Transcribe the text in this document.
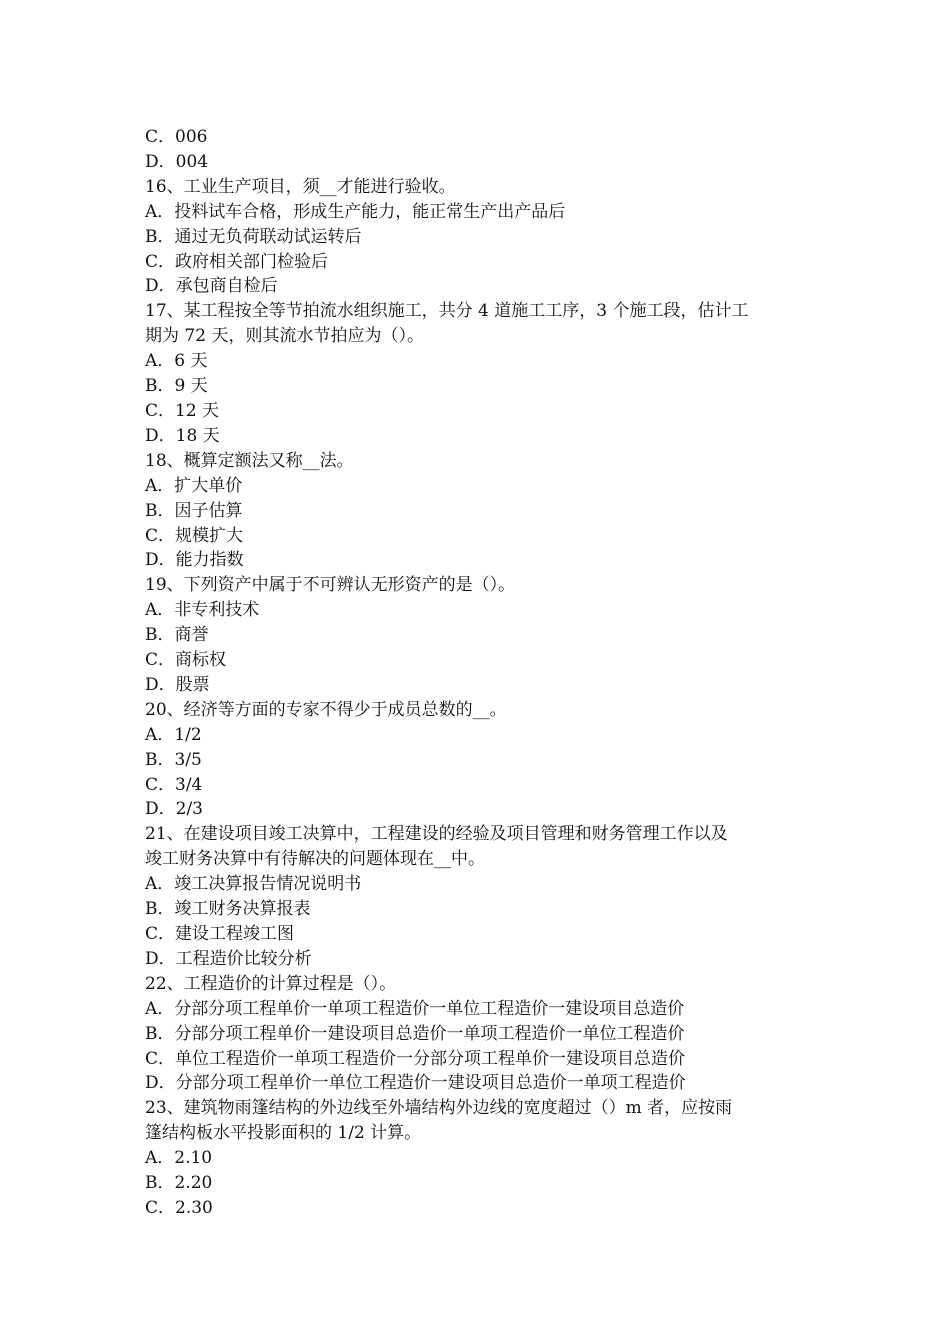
C．006
D．004
16、工业生产项目，须__才能进行验收。
A．投料试车合格，形成生产能力，能正常生产出产品后
B．通过无负荷联动试运转后
C．政府相关部门检验后
D．承包商自检后
17、某工程按全等节拍流水组织施工，共分 4 道施工工序，3 个施工段，估计工
期为 72 天，则其流水节拍应为（）。
A．6 天
B．9 天
C．12 天
D．18 天
18、概算定额法又称__法。
A．扩大单价
B．因子估算
C．规模扩大
D．能力指数
19、下列资产中属于不可辨认无形资产的是（）。
A．非专利技术
B．商誉
C．商标权
D．股票
20、经济等方面的专家不得少于成员总数的__。
A．1/2
B．3/5
C．3/4
D．2/3
21、在建设项目竣工决算中，工程建设的经验及项目管理和财务管理工作以及
竣工财务决算中有待解决的问题体现在__中。
A．竣工决算报告情况说明书
B．竣工财务决算报表
C．建设工程竣工图
D．工程造价比较分析
22、工程造价的计算过程是（）。
A．分部分项工程单价一单项工程造价一单位工程造价一建设项目总造价
B．分部分项工程单价一建设项目总造价一单项工程造价一单位工程造价
C．单位工程造价一单项工程造价一分部分项工程单价一建设项目总造价
D．分部分项工程单价一单位工程造价一建设项目总造价一单项工程造价
23、建筑物雨篷结构的外边线至外墙结构外边线的宽度超过（）m 者，应按雨
篷结构板水平投影面积的 1/2 计算。
A．2.10
B．2.20
C．2.30
